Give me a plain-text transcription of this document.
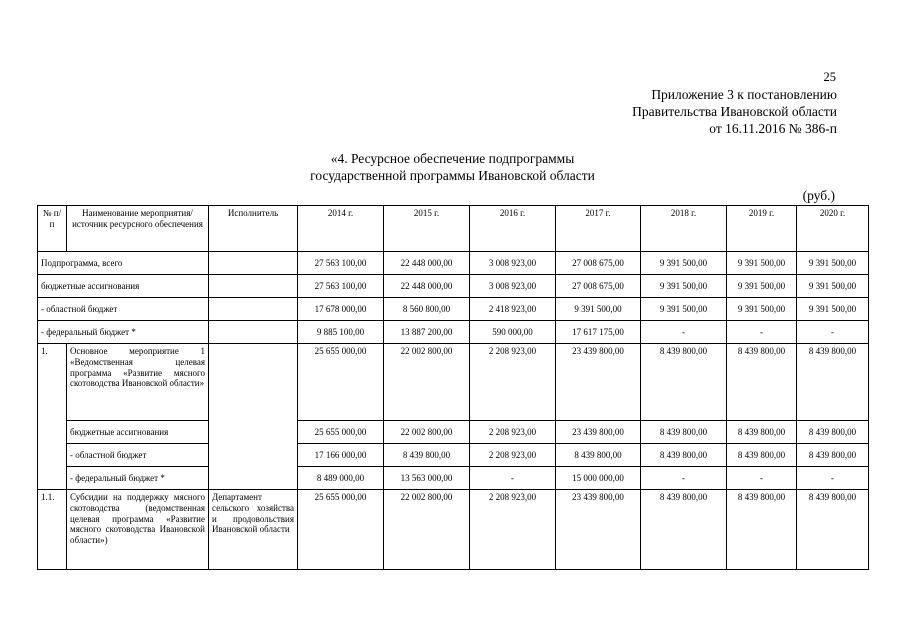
25
Приложение 3 к постановлению
Правительства Ивановской области
от 16.11.2016 № 386-п
«4. Ресурсное обеспечение подпрограммы
государственной программы Ивановской области
(руб.)
№ п/п	Наименование мероприятия/ источник ресурсного обеспечения	Исполнитель	2014 г.	2015 г.	2016 г.	2017 г.	2018 г.	2019 г.	2020 г.
Подпрограмма, всего			27 563 100,00	22 448 000,00	3 008 923,00	27 008 675,00	9 391 500,00	9 391 500,00	9 391 500,00
бюджетные ассигнования			27 563 100,00	22 448 000,00	3 008 923,00	27 008 675,00	9 391 500,00	9 391 500,00	9 391 500,00
- областной бюджет			17 678 000,00	8 560 800,00	2 418 923,00	9 391 500,00	9 391 500,00	9 391 500,00	9 391 500,00
- федеральный бюджет *			9 885 100,00	13 887 200,00	590 000,00	17 617 175,00	-	-	-
1.	Основное мероприятие 1 «Ведомственная целевая программа «Развитие мясного скотоводства Ивановской области»		25 655 000,00	22 002 800,00	2 208 923,00	23 439 800,00	8 439 800,00	8 439 800,00	8 439 800,00
	бюджетные ассигнования		25 655 000,00	22 002 800,00	2 208 923,00	23 439 800,00	8 439 800,00	8 439 800,00	8 439 800,00
	- областной бюджет		17 166 000,00	8 439 800,00	2 208 923,00	8 439 800,00	8 439 800,00	8 439 800,00	8 439 800,00
	- федеральный бюджет *		8 489 000,00	13 563 000,00	-	15 000 000,00	-	-	-
1.1.	Субсидии на поддержку мясного скотоводства (ведомственная целевая программа «Развитие мясного скотоводства Ивановской области»)	Департамент сельского хозяйства и продовольствия Ивановской области	25 655 000,00	22 002 800,00	2 208 923,00	23 439 800,00	8 439 800,00	8 439 800,00	8 439 800,00
